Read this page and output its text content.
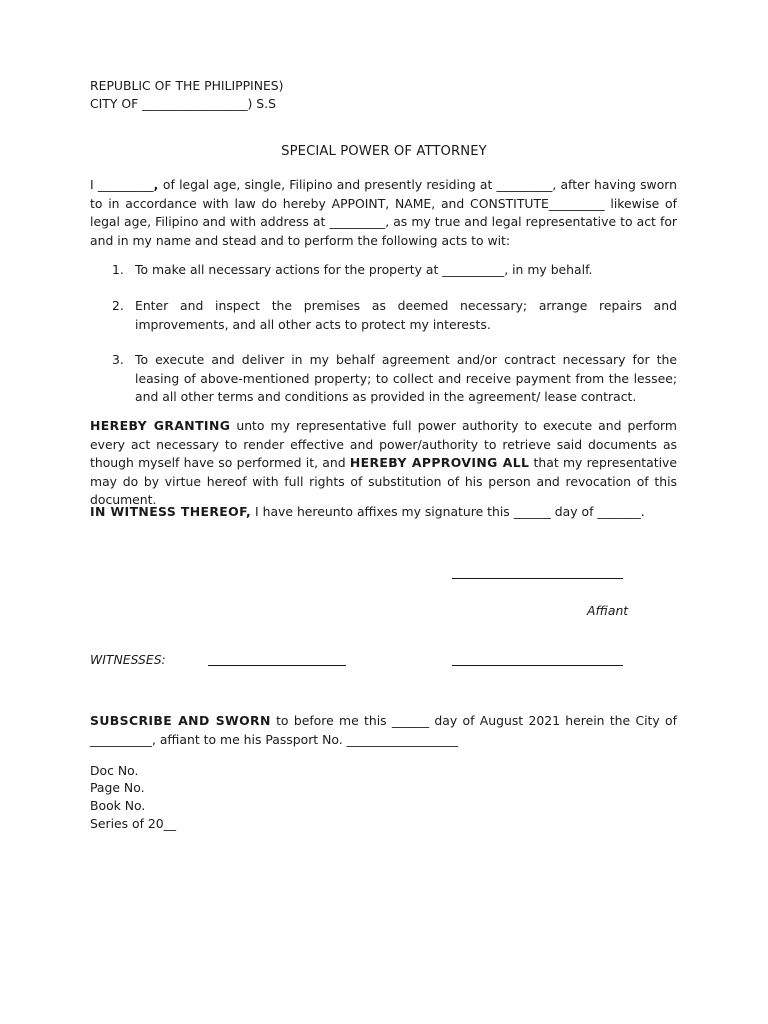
REPUBLIC OF THE PHILIPPINES)
CITY OF _________________) S.S
SPECIAL POWER OF ATTORNEY
I _________, of legal age, single, Filipino and presently residing at _________, after having sworn to in accordance with law do hereby APPOINT, NAME, and CONSTITUTE_________ likewise of legal age, Filipino and with address at _________, as my true and legal representative to act for and in my name and stead and to perform the following acts to wit:
1. To make all necessary actions for the property at __________, in my behalf.
2. Enter and inspect the premises as deemed necessary; arrange repairs and improvements, and all other acts to protect my interests.
3. To execute and deliver in my behalf agreement and/or contract necessary for the leasing of above-mentioned property; to collect and receive payment from the lessee; and all other terms and conditions as provided in the agreement/ lease contract.
HEREBY GRANTING unto my representative full power authority to execute and perform every act necessary to render effective and power/authority to retrieve said documents as though myself have so performed it, and HEREBY APPROVING ALL that my representative may do by virtue hereof with full rights of substitution of his person and revocation of this document.
IN WITNESS THEREOF, I have hereunto affixes my signature this ______ day of _______.
Affiant
WITNESSES:
SUBSCRIBE AND SWORN to before me this ______ day of August 2021 herein the City of __________, affiant to me his Passport No. __________________
Doc No.
Page No.
Book No.
Series of 20__
